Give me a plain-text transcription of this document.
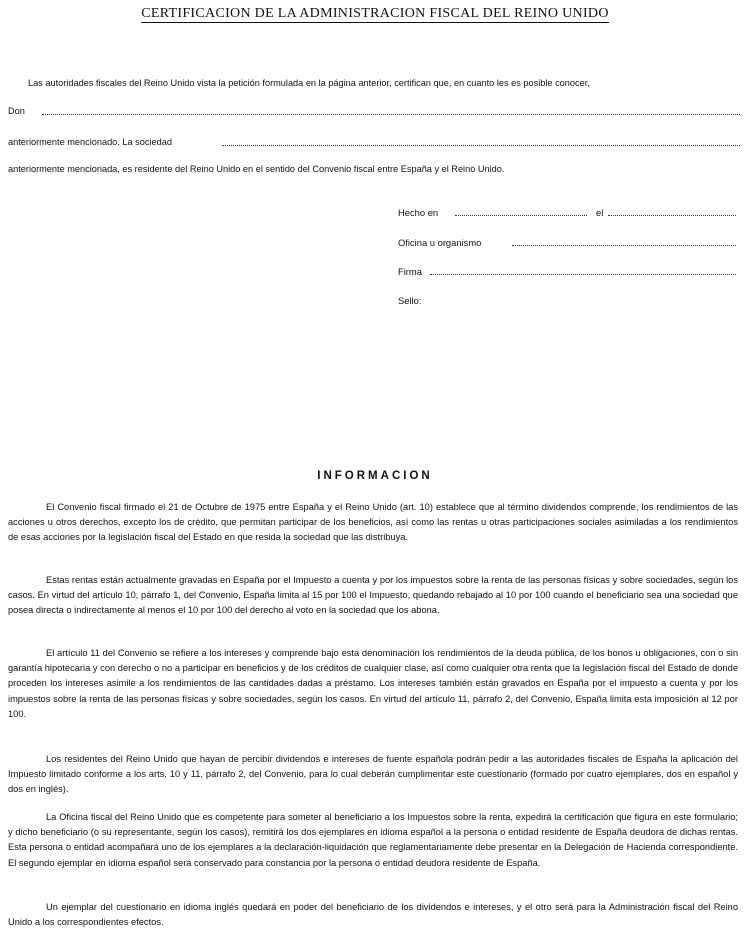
CERTIFICACION DE LA ADMINISTRACION FISCAL DEL REINO UNIDO
Las autoridades fiscales del Reino Unido vista la petición formulada en la página anterior, certifican que, en cuanto les es posible conocer,
Don
anteriormente mencionado. La sociedad
anteriormente mencionada, es residente del Reino Unido en el sentido del Convenio fiscal entre España y el Reino Unido.
Hecho en	el
Oficina u organismo
Firma
Sello:
INFORMACION
El Convenio fiscal firmado el 21 de Octubre de 1975 entre España y el Reino Unido (art. 10) establece que al término dividendos comprende, los rendimientos de las acciones u otros derechos, excepto los de crédito, que permitan participar de los beneficios, así como las rentas u otras participaciones sociales asimiladas a los rendimientos de esas acciones por la legislación fiscal del Estado en que resida la sociedad que las distribuya.
Estas rentas están actualmente gravadas en España por el Impuesto a cuenta y por los impuestos sobre la renta de las personas físicas y sobre sociedades, según los casos. En virtud del artículo 10, párrafo 1, del Convenio, España limita al 15 por 100 el Impuesto, quedando rebajado al 10 por 100 cuando el beneficiario sea una sociedad que posea directa o indirectamente al menos el 10 por 100 del derecho al voto en la sociedad que los abona.
El artículo 11 del Convenio se refiere a los intereses y comprende bajo esta denominación los rendimientos de la deuda pública, de los bonos u obligaciones, con o sin garantía hipotecaria y con derecho o no a participar en beneficios y de los créditos de cualquier clase, así como cualquier otra renta que la legislación fiscal del Estado de donde proceden los intereses asimile a los rendimientos de las cantidades dadas a préstamo. Los intereses también están gravados en España por el impuesto a cuenta y por los impuestos sobre la renta de las personas físicas y sobre sociedades, según los casos. En virtud del artículo 11, párrafo 2, del Convenio, España limita esta imposición al 12 por 100.
Los residentes del Reino Unido que hayan de percibir dividendos e intereses de fuente española podrán pedir a las autoridades fiscales de España la aplicación del Impuesto limitado conforme a los arts. 10 y 11, párrafo 2, del Convenio, para lo cual deberán cumplimentar este cuestionario (formado por cuatro ejemplares, dos en español y dos en inglés).
La Oficina fiscal del Reino Unido que es competente para someter al beneficiario a los Impuestos sobre la renta, expedirá la certificación que figura en este formulario; y dicho beneficiario (o su representante, según los casos), remitirá los dos ejemplares en idioma español a la persona o entidad residente de España deudora de dichas rentas. Esta persona o entidad acompañará uno de los ejemplares a la declaración-liquidación que reglamentariamente debe presentar en la Delegación de Hacienda correspondiente. El segundo ejemplar en idioma español será conservado para constancia por la persona o entidad deudora residente de España.
Un ejemplar del cuestionario en idioma inglés quedará en poder del beneficiario de los dividendos e intereses, y el otro será para la Administración fiscal del Reino Unido a los correspondientes efectos.
